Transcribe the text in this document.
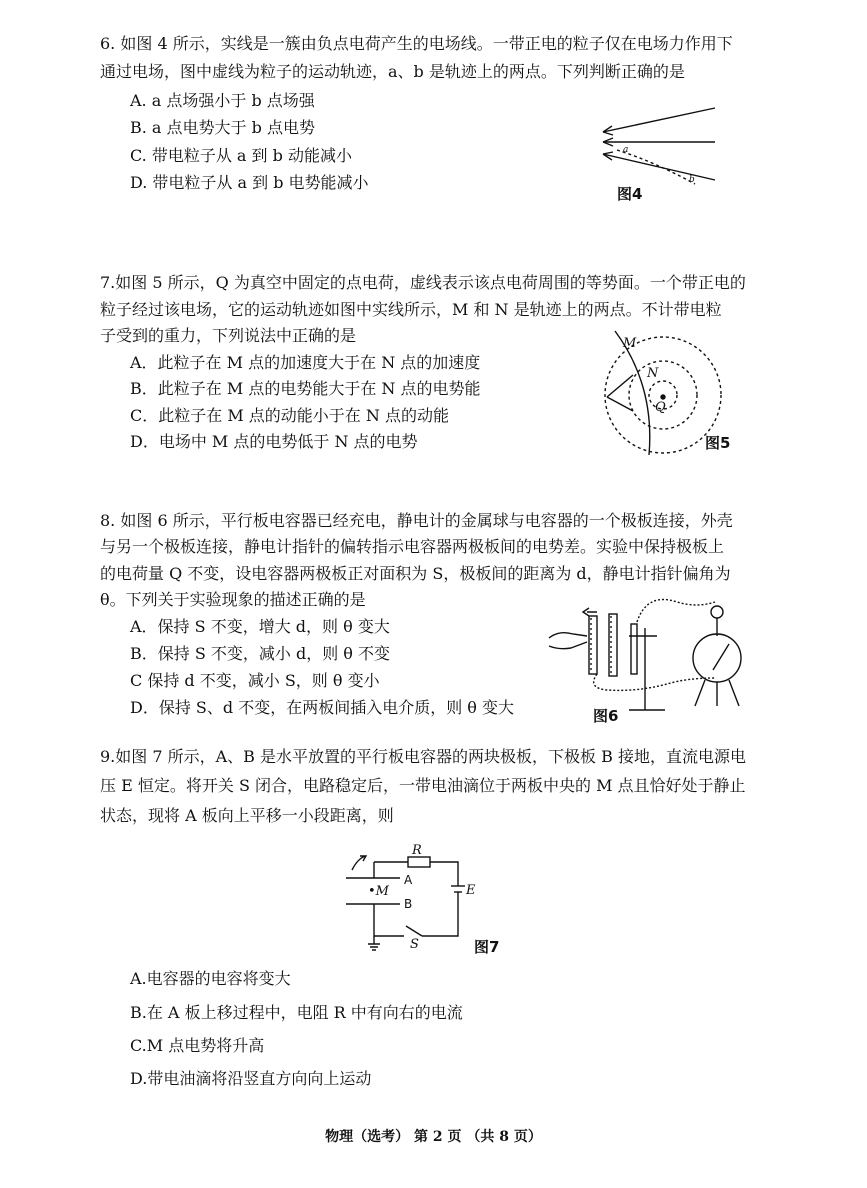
6. 如图 4 所示，实线是一簇由负点电荷产生的电场线。一带正电的粒子仅在电场力作用下
通过电场，图中虚线为粒子的运动轨迹，a、b 是轨迹上的两点。下列判断正确的是
A. a 点场强小于 b 点场强
B. a 点电势大于 b 点电势
C. 带电粒子从 a 到 b 动能减小
D. 带电粒子从 a 到 b 电势能减小
a
b
图4
7.如图 5 所示，Q 为真空中固定的点电荷，虚线表示该点电荷周围的等势面。一个带正电的
粒子经过该电场，它的运动轨迹如图中实线所示，M 和 N 是轨迹上的两点。不计带电粒
子受到的重力，下列说法中正确的是
A．此粒子在 M 点的加速度大于在 N 点的加速度
B．此粒子在 M 点的电势能大于在 N 点的电势能
C．此粒子在 M 点的动能小于在 N 点的动能
D．电场中 M 点的电势低于 N 点的电势
M
N
Q
图5
8. 如图 6 所示，平行板电容器已经充电，静电计的金属球与电容器的一个极板连接，外壳
与另一个极板连接，静电计指针的偏转指示电容器两极板间的电势差。实验中保持极板上
的电荷量 Q 不变，设电容器两极板正对面积为 S，极板间的距离为 d，静电计指针偏角为
θ。下列关于实验现象的描述正确的是
A．保持 S 不变，增大 d，则 θ 变大
B．保持 S 不变，减小 d，则 θ 不变
C 保持 d 不变，减小 S，则 θ 变小
D．保持 S、d 不变，在两板间插入电介质，则 θ 变大	图6
9.如图 7 所示，A、B 是水平放置的平行板电容器的两块极板，下极板 B 接地，直流电源电
压 E 恒定。将开关 S 闭合，电路稳定后，一带电油滴位于两板中央的 M 点且恰好处于静止
状态，现将 A 板向上平移一小段距离，则
R
A
•M
B
E
S	图7
A.电容器的电容将变大
B.在 A 板上移过程中，电阻 R 中有向右的电流
C.M 点电势将升高
D.带电油滴将沿竖直方向向上运动
物理（选考） 第 2 页 （共 8 页）
